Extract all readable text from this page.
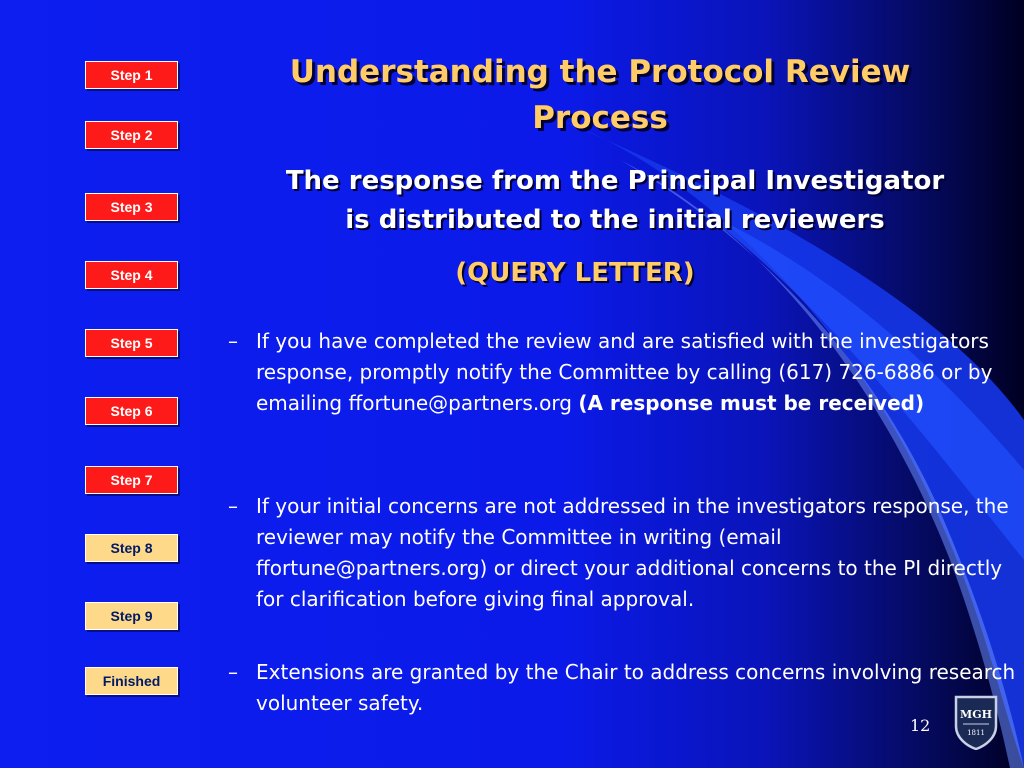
Step 1
Step 2
Step 3
Step 4
Step 5
Step 6
Step 7
Step 8
Step 9
Finished
Understanding the Protocol Review
Process
The response from the Principal Investigator
is distributed to the initial reviewers
(QUERY LETTER)
– If you have completed the review and are satisfied with the investigators response, promptly notify the Committee by calling (617) 726-6886 or by emailing ffortune@partners.org (A response must be received)
– If your initial concerns are not addressed in the investigators response, the reviewer may notify the Committee in writing (email ffortune@partners.org) or direct your additional concerns to the PI directly for clarification before giving final approval.
– Extensions are granted by the Chair to address concerns involving research volunteer safety.
12
MGH
1811
